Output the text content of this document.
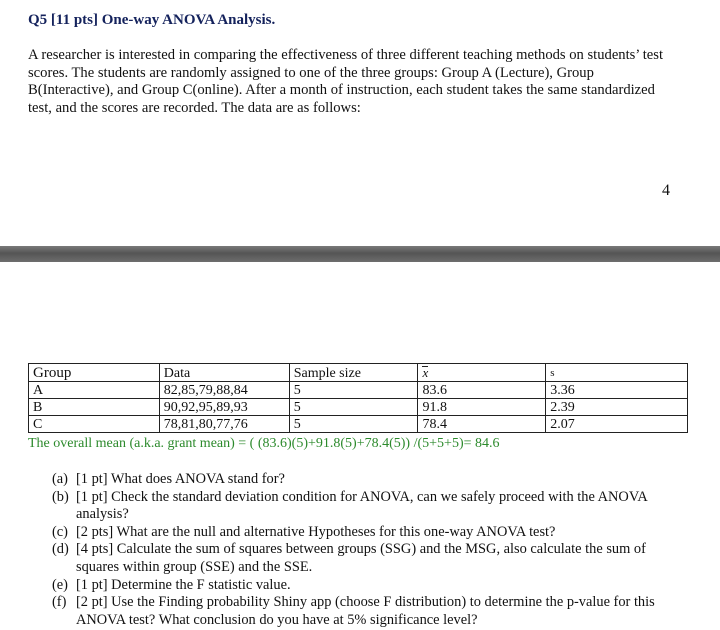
Q5 [11 pts] One-way ANOVA Analysis.

A researcher is interested in comparing the effectiveness of three different teaching methods on students’ test scores. The students are randomly assigned to one of the three groups: Group A (Lecture), Group B(Interactive), and Group C(online). After a month of instruction, each student takes the same standardized test, and the scores are recorded. The data are as follows:

4
Group	Data	Sample size	x	s
A	82,85,79,88,84	5	83.6	3.36
B	90,92,95,89,93	5	91.8	2.39
C	78,81,80,77,76	5	78.4	2.07
The overall mean (a.k.a. grant mean) = ( (83.6)(5)+91.8(5)+78.4(5)) /(5+5+5)= 84.6
(a) [1 pt] What does ANOVA stand for?
(b) [1 pt] Check the standard deviation condition for ANOVA, can we safely proceed with the ANOVA analysis?
(c) [2 pts] What are the null and alternative Hypotheses for this one-way ANOVA test?
(d) [4 pts] Calculate the sum of squares between groups (SSG) and the MSG, also calculate the sum of squares within group (SSE) and the SSE.
(e) [1 pt] Determine the F statistic value.
(f) [2 pt] Use the Finding probability Shiny app (choose F distribution) to determine the p-value for this ANOVA test? What conclusion do you have at 5% significance level?
